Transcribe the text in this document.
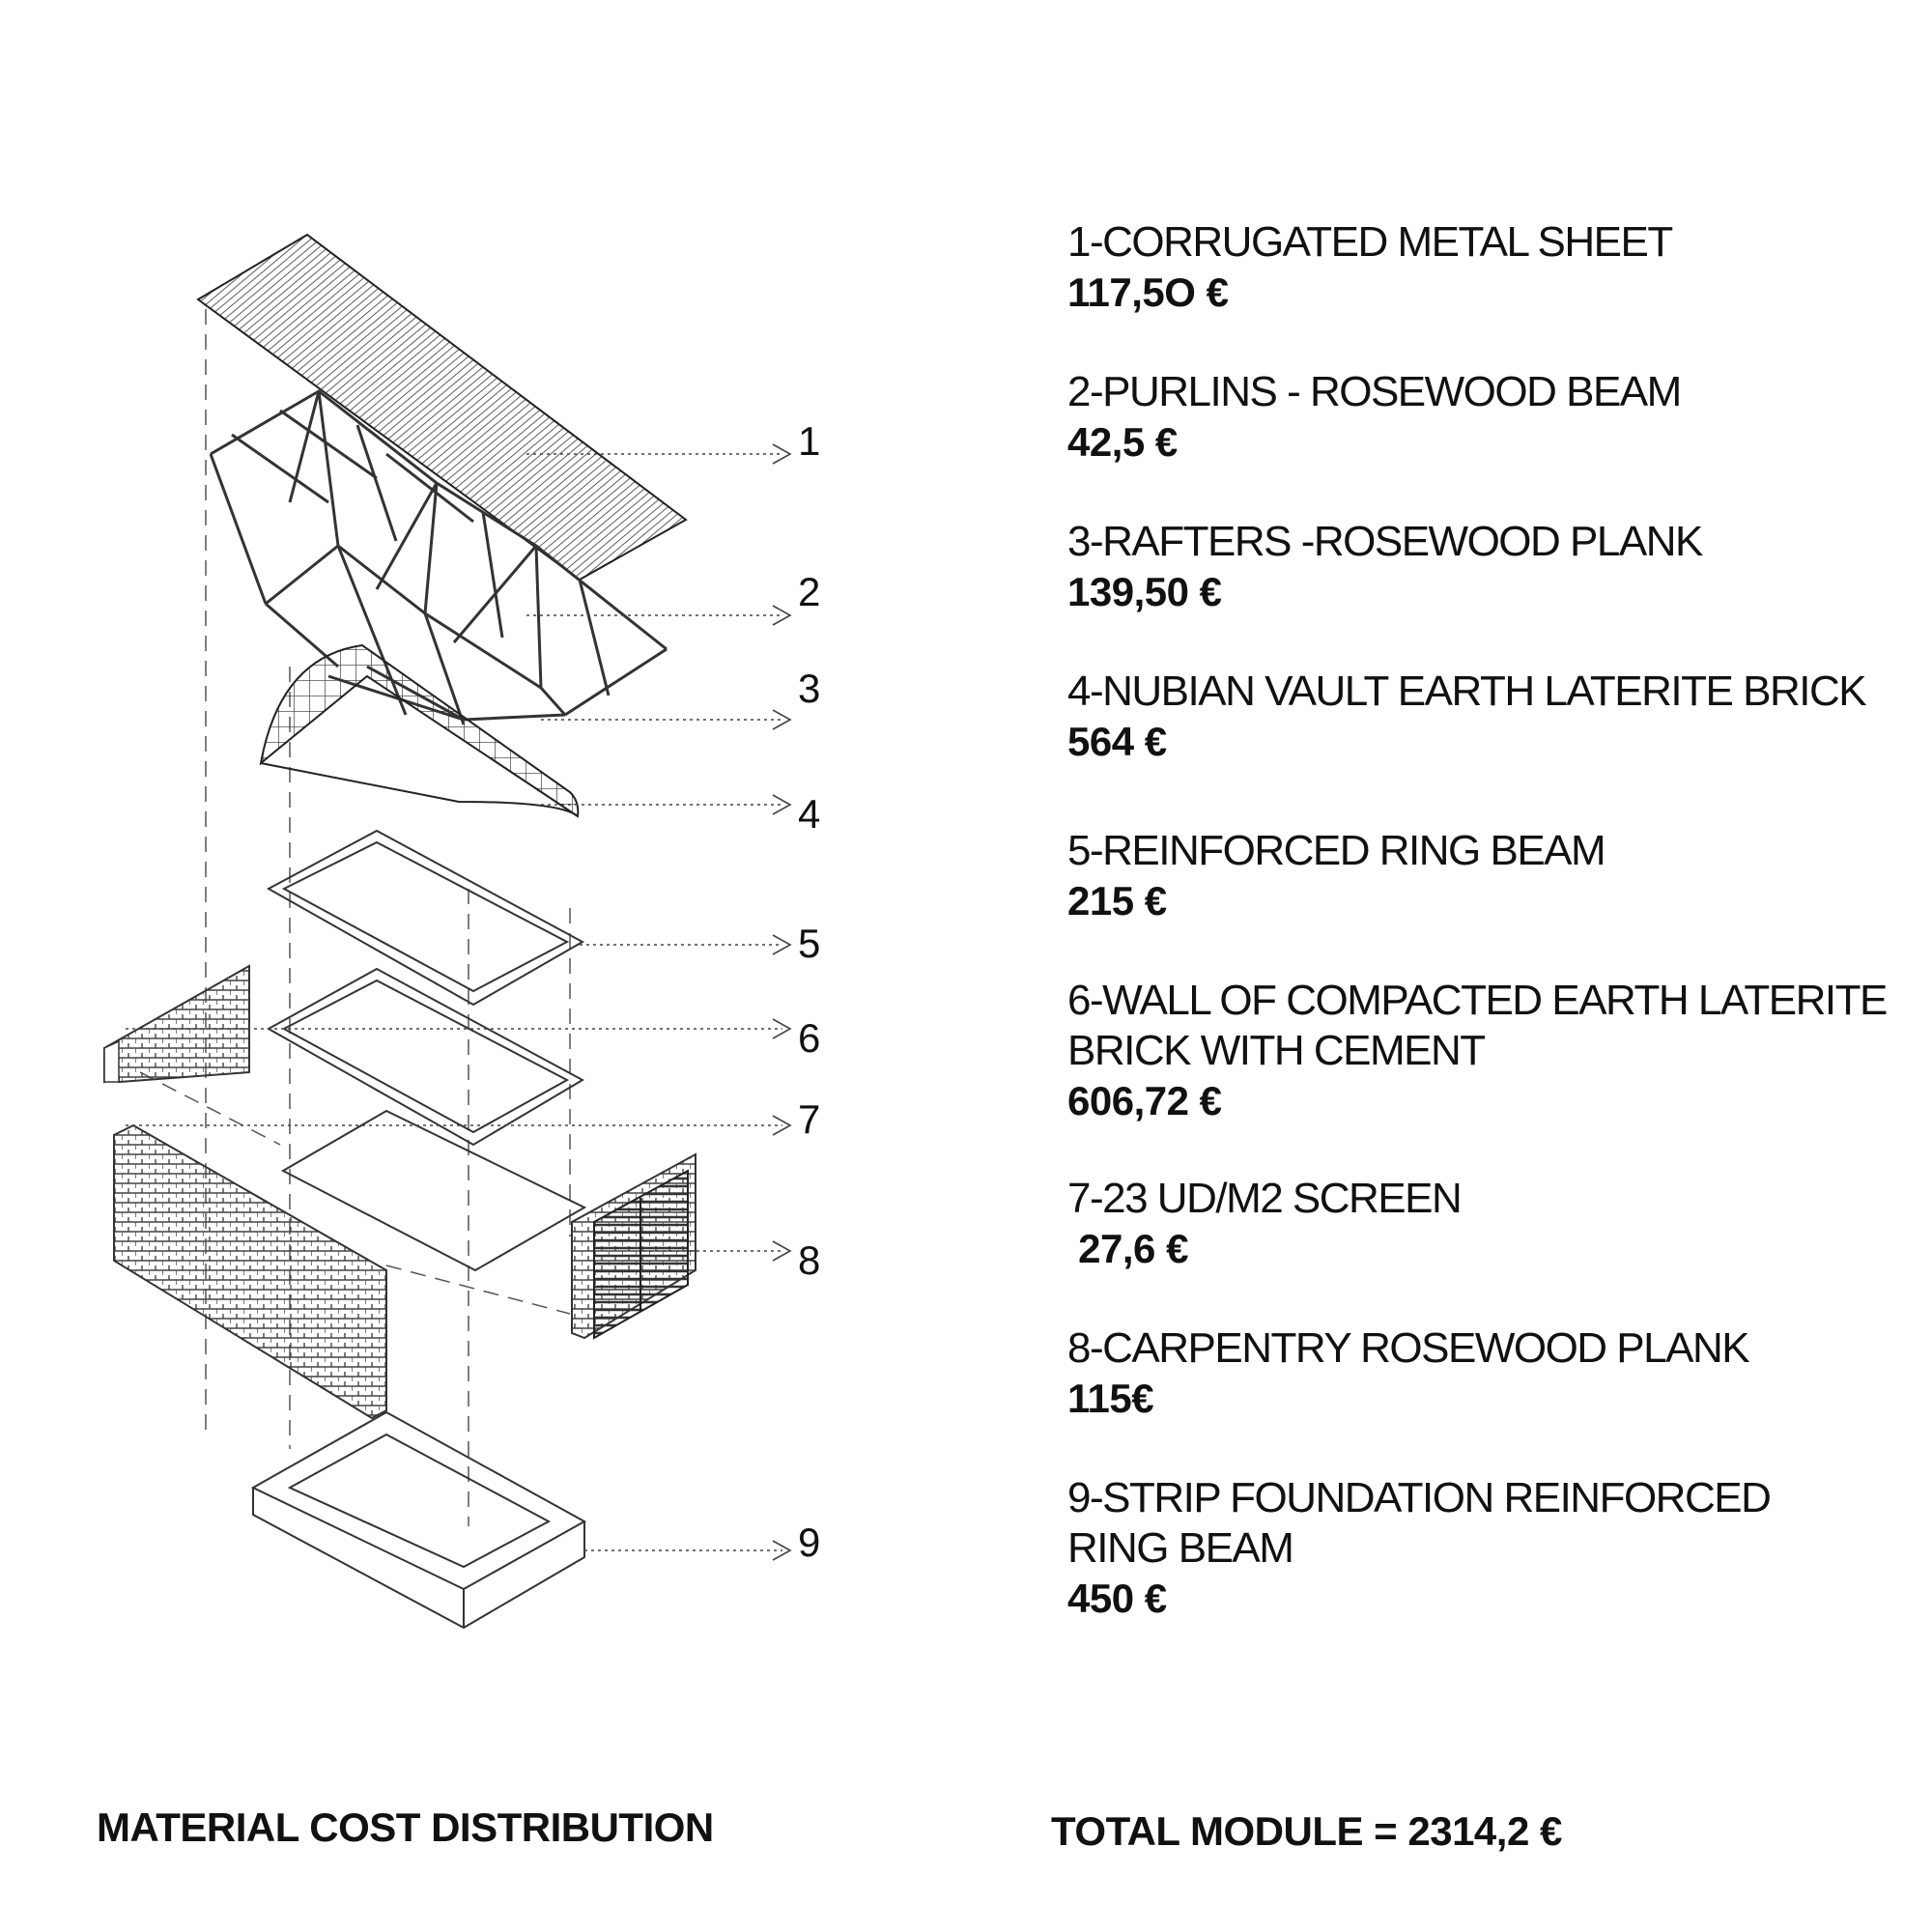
1
2
3
4
5
6
7
8
9
1-CORRUGATED METAL SHEET
117,5O €
2-PURLINS - ROSEWOOD BEAM
42,5 €
3-RAFTERS -ROSEWOOD PLANK
139,50 €
4-NUBIAN VAULT EARTH LATERITE BRICK
564 €
5-REINFORCED RING BEAM
215 €
6-WALL OF COMPACTED EARTH LATERITE
BRICK WITH CEMENT
606,72 €
7-23 UD/M2 SCREEN
27,6 €
8-CARPENTRY ROSEWOOD PLANK
115€
9-STRIP FOUNDATION REINFORCED
RING BEAM
450 €
MATERIAL COST DISTRIBUTION	TOTAL MODULE = 2314,2 €
